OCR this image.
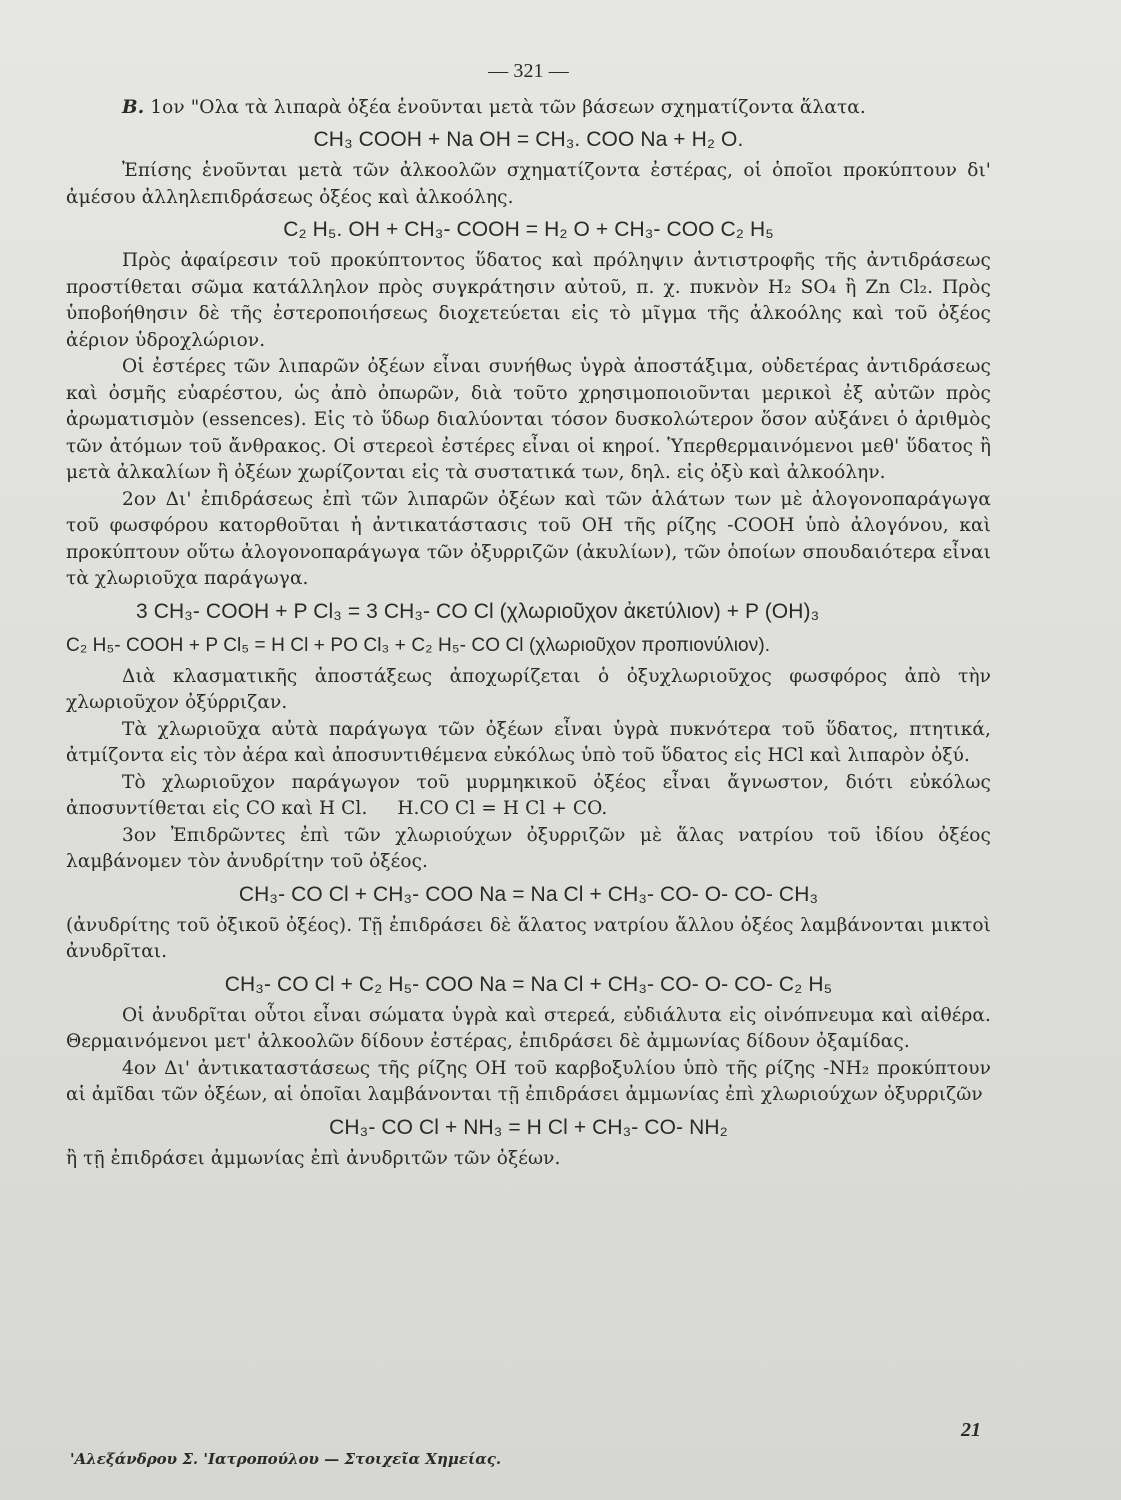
— 321 —

B. 1ον "Ολα τὰ λιπαρὰ ὀξέα ἑνοῦνται μετὰ τῶν βάσεων σχηματίζοντα ἅλατα.

CH₃ COOH + Na OH = CH₃. COO Na + H₂ O.

Ἐπίσης ἑνοῦνται μετὰ τῶν ἀλκοολῶν σχηματίζοντα ἐστέρας, οἱ ὁποῖοι προκύπτουν δι' ἀμέσου ἀλληλεπιδράσεως ὀξέος καὶ ἀλκοόλης.

C₂ H₅. OH + CH₃- COOH = H₂ O + CH₃- COO C₂ H₅

Πρὸς ἀφαίρεσιν τοῦ προκύπτοντος ὕδατος καὶ πρόληψιν ἀντιστροφῆς τῆς ἀντιδράσεως προστίθεται σῶμα κατάλληλον πρὸς συγκράτησιν αὐτοῦ, π. χ. πυκνὸν H₂ SO₄ ἢ Zn Cl₂. Πρὸς ὑποβοήθησιν δὲ τῆς ἐστεροποιήσεως διοχετεύεται εἰς τὸ μῖγμα τῆς ἀλκοόλης καὶ τοῦ ὀξέος ἀέριον ὑδροχλώριον.

Οἱ ἐστέρες τῶν λιπαρῶν ὀξέων εἶναι συνήθως ὑγρὰ ἀποστάξιμα, οὐδετέρας ἀντιδράσεως καὶ ὀσμῆς εὐαρέστου, ὡς ἀπὸ ὀπωρῶν, διὰ τοῦτο χρησιμοποιοῦνται μερικοὶ ἐξ αὐτῶν πρὸς ἀρωματισμὸν (essences). Εἰς τὸ ὕδωρ διαλύονται τόσον δυσκολώτερον ὅσον αὐξάνει ὁ ἀριθμὸς τῶν ἀτόμων τοῦ ἄνθρακος. Οἱ στερεοὶ ἐστέρες εἶναι οἱ κηροί. Ὑπερθερμαινόμενοι μεθ' ὕδατος ἢ μετὰ ἀλκαλίων ἢ ὀξέων χωρίζονται εἰς τὰ συστατικά των, δηλ. εἰς ὀξὺ καὶ ἀλκοόλην.

2ον Δι' ἐπιδράσεως ἐπὶ τῶν λιπαρῶν ὀξέων καὶ τῶν ἁλάτων των μὲ ἀλογονοπαράγωγα τοῦ φωσφόρου κατορθοῦται ἡ ἀντικατάστασις τοῦ OH τῆς ρίζης -COOH ὑπὸ ἀλογόνου, καὶ προκύπτουν οὕτω ἀλογονοπαράγωγα τῶν ὀξυρριζῶν (ἀκυλίων), τῶν ὁποίων σπουδαιότερα εἶναι τὰ χλωριοῦχα παράγωγα.

3 CH₃- COOH + P Cl₃ = 3 CH₃- CO Cl (χλωριοῦχον ἀκετύλιον) + P (OH)₃
C₂ H₅- COOH + P Cl₅ = H Cl + PO Cl₃ + C₂ H₅- CO Cl (χλωριοῦχον προπιονύλιον).

Διὰ κλασματικῆς ἀποστάξεως ἀποχωρίζεται ὁ ὀξυχλωριοῦχος φωσφόρος ἀπὸ τὴν χλωριοῦχον ὀξύρριζαν.

Τὰ χλωριοῦχα αὐτὰ παράγωγα τῶν ὀξέων εἶναι ὑγρὰ πυκνότερα τοῦ ὕδατος, πτητικά, ἀτμίζοντα εἰς τὸν ἀέρα καὶ ἀποσυντιθέμενα εὐκόλως ὑπὸ τοῦ ὕδατος εἰς HCl καὶ λιπαρὸν ὀξύ.

Τὸ χλωριοῦχον παράγωγον τοῦ μυρμηκικοῦ ὀξέος εἶναι ἄγνωστον, διότι εὐκόλως ἀποσυντίθεται εἰς CO καὶ H Cl.     H.CO Cl = H Cl + CO.

3ον Ἐπιδρῶντες ἐπὶ τῶν χλωριούχων ὀξυρριζῶν μὲ ἅλας νατρίου τοῦ ἰδίου ὀξέος λαμβάνομεν τὸν ἀνυδρίτην τοῦ ὀξέος.

CH₃- CO Cl + CH₃- COO Na = Na Cl + CH₃- CO- O- CO- CH₃

(ἀνυδρίτης τοῦ ὀξικοῦ ὀξέος). Τῇ ἐπιδράσει δὲ ἅλατος νατρίου ἄλλου ὀξέος λαμβάνονται μικτοὶ ἀνυδρῖται.

CH₃- CO Cl + C₂ H₅- COO Na = Na Cl + CH₃- CO- O- CO- C₂ H₅

Οἱ ἀνυδρῖται οὗτοι εἶναι σώματα ὑγρὰ καὶ στερεά, εὐδιάλυτα εἰς οἰνόπνευμα καὶ αἰθέρα. Θερμαινόμενοι μετ' ἀλκοολῶν δίδουν ἐστέρας, ἐπιδράσει δὲ ἀμμωνίας δίδουν ὀξαμίδας.

4ον Δι' ἀντικαταστάσεως τῆς ρίζης OH τοῦ καρβοξυλίου ὑπὸ τῆς ρίζης -NH₂ προκύπτουν αἱ ἀμῖδαι τῶν ὀξέων, αἱ ὁποῖαι λαμβάνονται τῇ ἐπιδράσει ἀμμωνίας ἐπὶ χλωριούχων ὀξυρριζῶν

CH₃- CO Cl + NH₃ = H Cl + CH₃- CO- NH₂

ἢ τῇ ἐπιδράσει ἀμμωνίας ἐπὶ ἀνυδριτῶν τῶν ὀξέων.

21
'Αλεξάνδρου Σ. 'Ιατροπούλου — Στοιχεῖα Χημείας.
